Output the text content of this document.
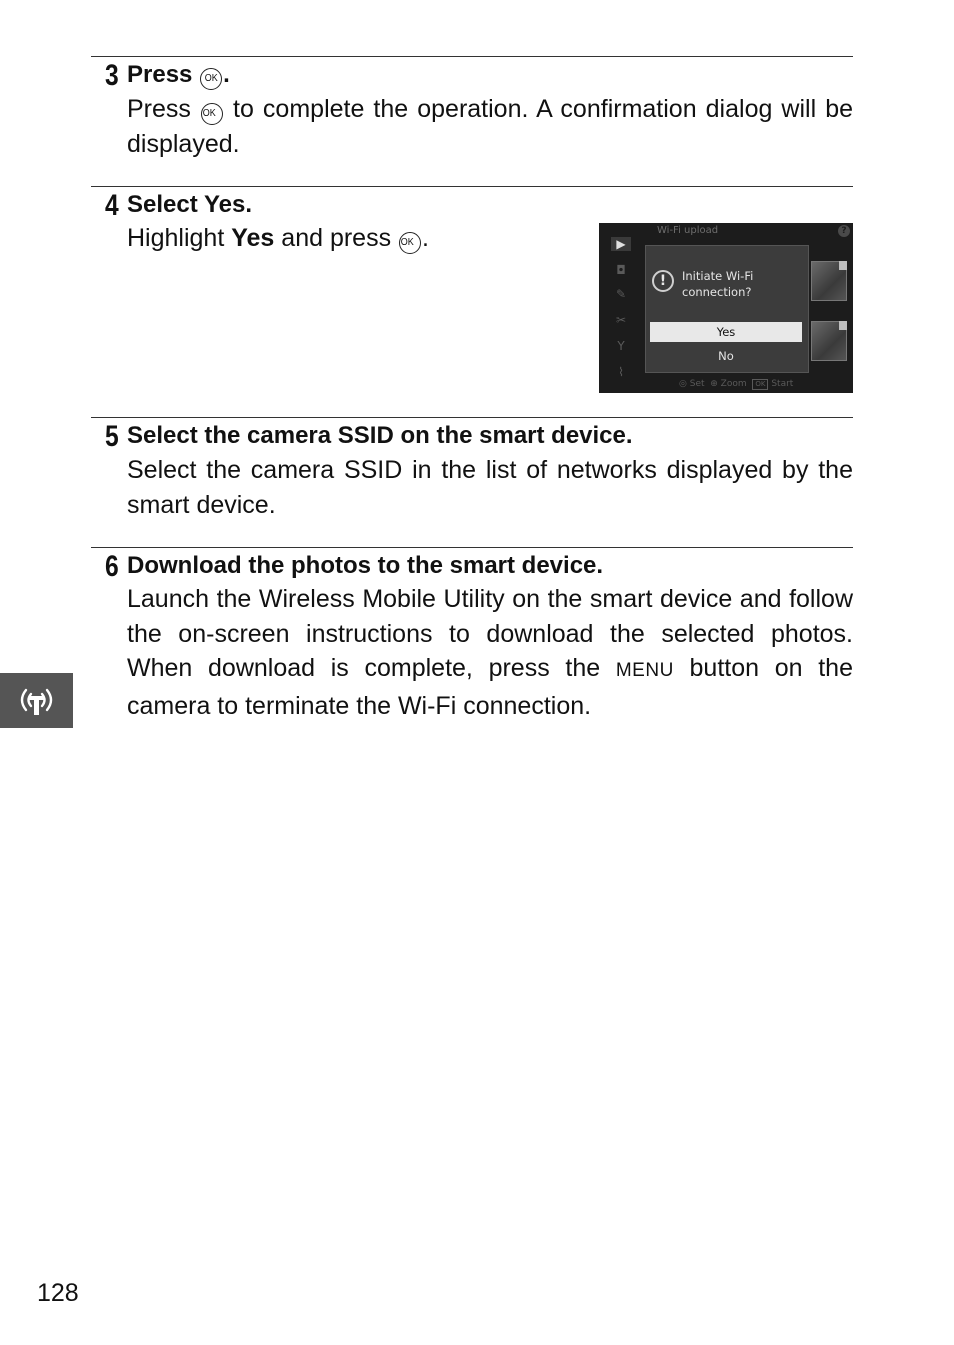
3 Press OK .
Press OK to complete the operation. A confirmation dialog will be displayed.
4 Select Yes.
Highlight Yes and press OK .	Wi-Fi upload	?
▶
◘
✎
✂
Y
⌇
!	Initiate Wi-Fi
connection?
Yes
No
◎ Set ⊕ Zoom OK Start
5 Select the camera SSID on the smart device.
Select the camera SSID in the list of networks displayed by the smart device.
6 Download the photos to the smart device.
Launch the Wireless Mobile Utility on the smart device and follow the on-screen instructions to download the selected photos. When download is complete, press the MENU button on the camera to terminate the Wi-Fi connection.
128
